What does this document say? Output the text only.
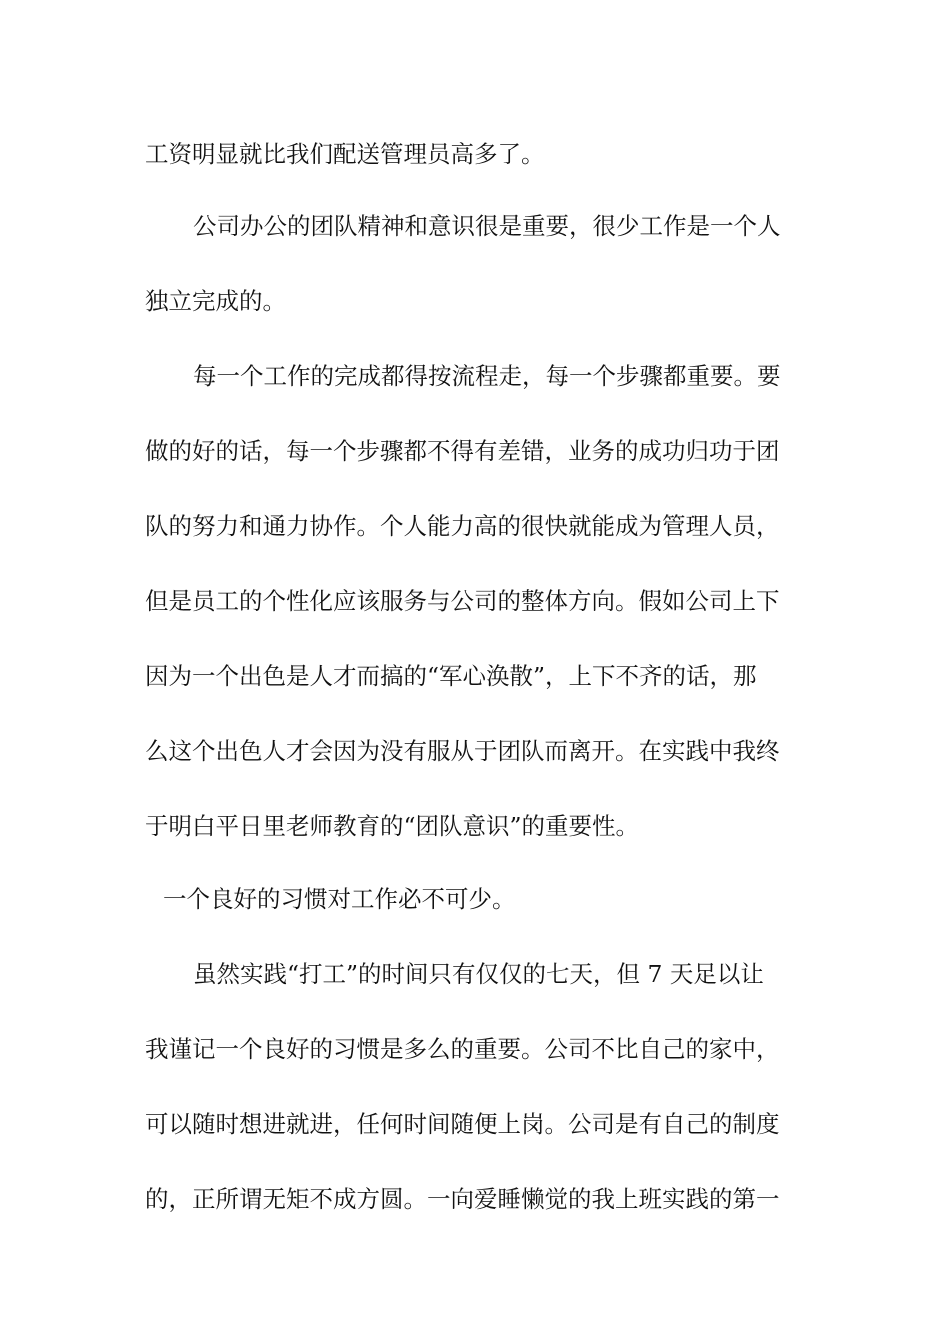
工资明显就比我们配送管理员高多了。
公司办公的团队精神和意识很是重要，很少工作是一个人
独立完成的。
每一个工作的完成都得按流程走，每一个步骤都重要。要
做的好的话，每一个步骤都不得有差错，业务的成功归功于团
队的努力和通力协作。个人能力高的很快就能成为管理人员，
但是员工的个性化应该服务与公司的整体方向。假如公司上下
因为一个出色是人才而搞的“军心涣散”，上下不齐的话，那
么这个出色人才会因为没有服从于团队而离开。在实践中我终
于明白平日里老师教育的“团队意识”的重要性。
一个良好的习惯对工作必不可少。
虽然实践“打工”的时间只有仅仅的七天，但 7 天足以让
我谨记一个良好的习惯是多么的重要。公司不比自己的家中，
可以随时想进就进，任何时间随便上岗。公司是有自己的制度
的，正所谓无矩不成方圆。一向爱睡懒觉的我上班实践的第一
